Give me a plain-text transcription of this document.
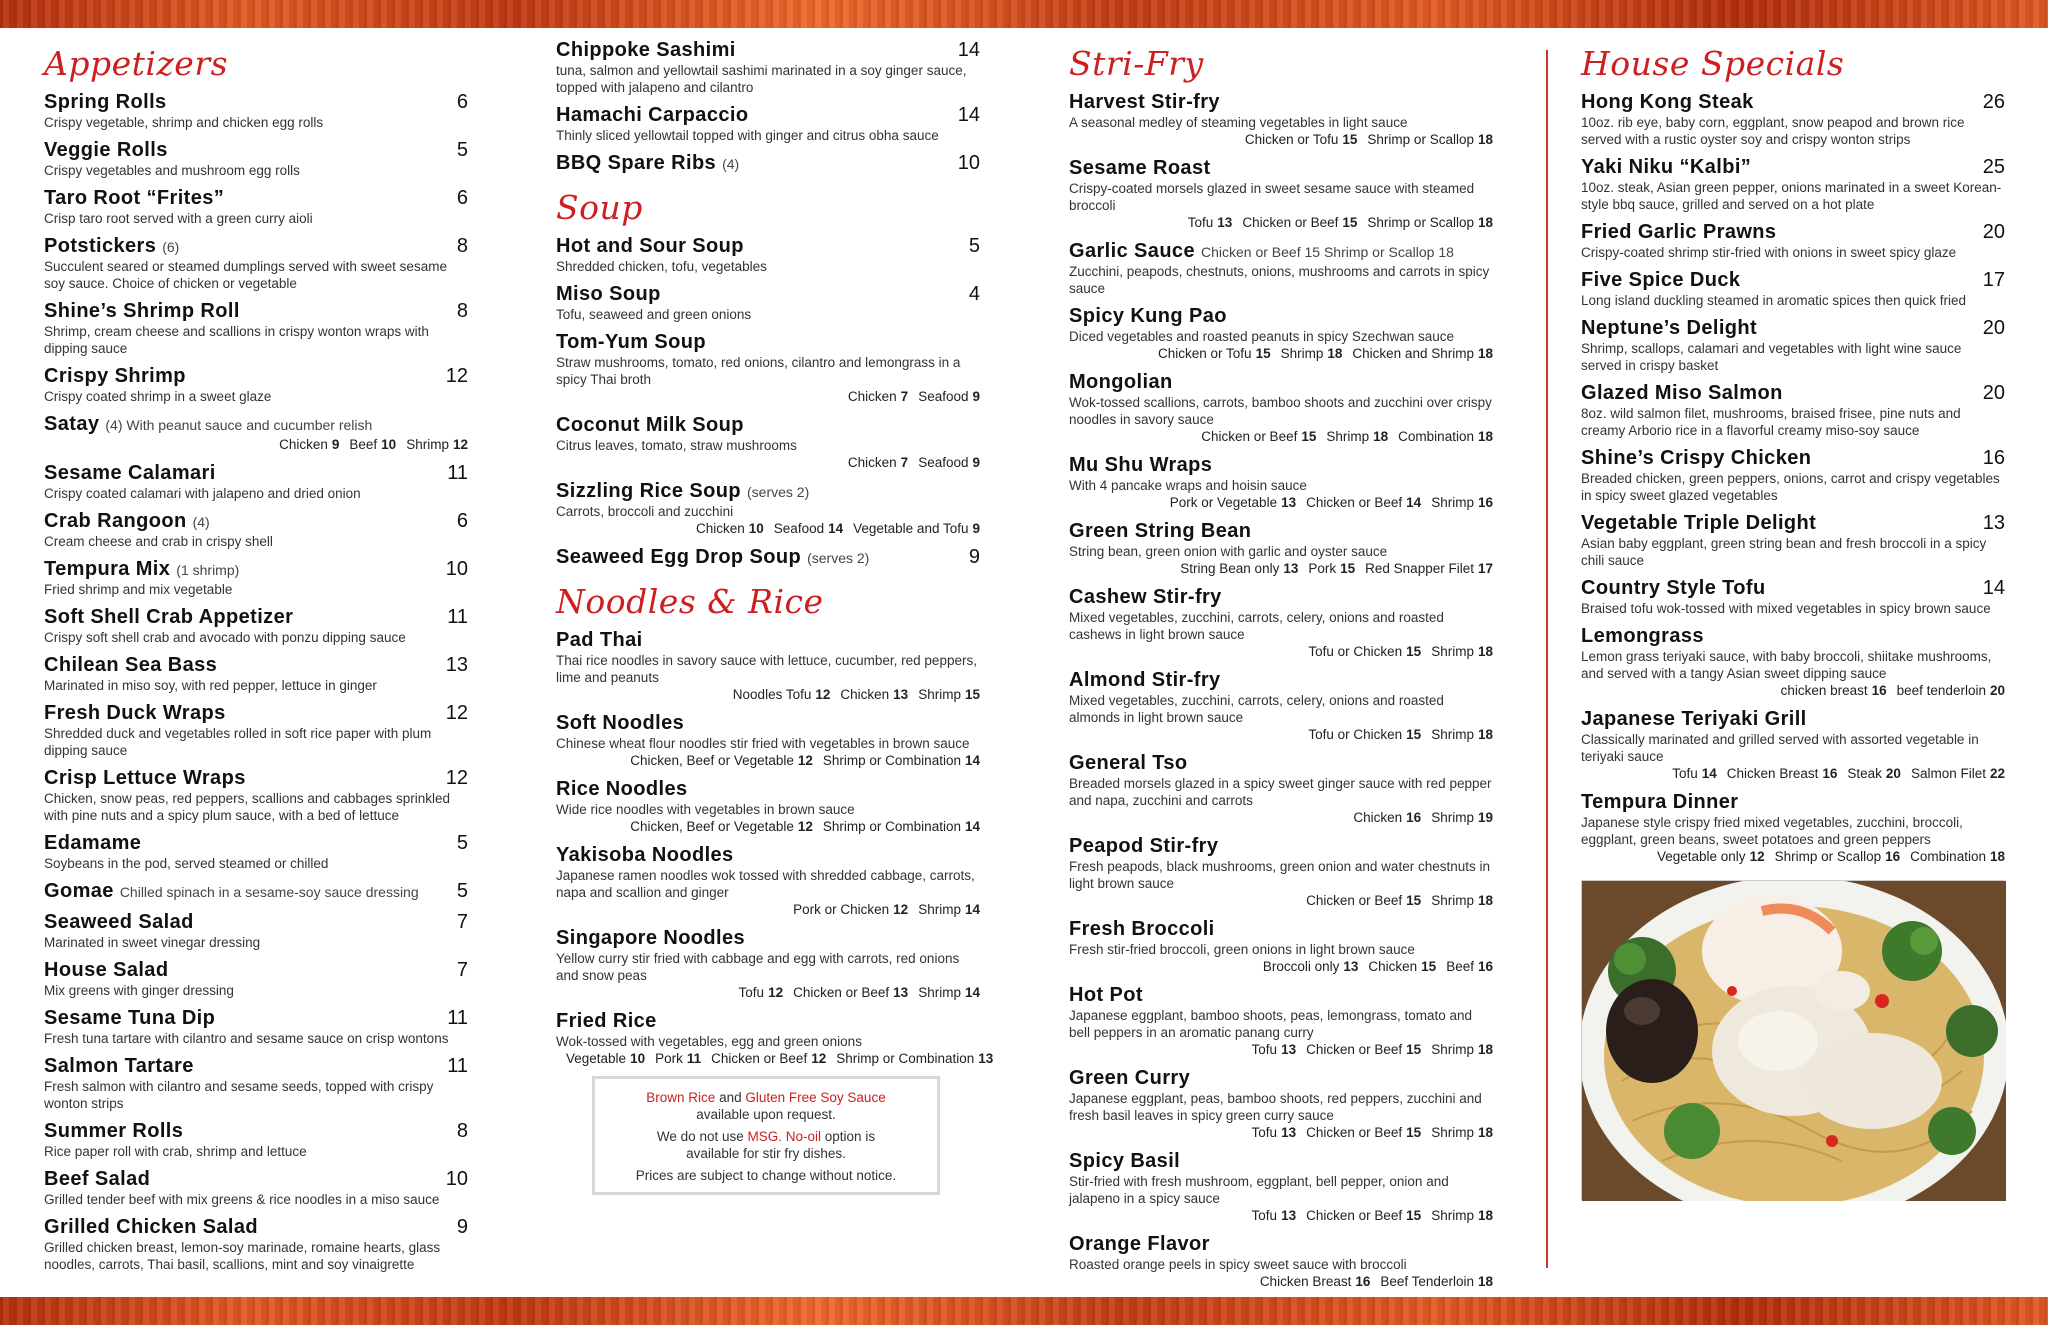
Appetizers
Spring Rolls	6
Crispy vegetable, shrimp and chicken egg rolls
Veggie Rolls	5
Crispy vegetables and mushroom egg rolls
Taro Root “Frites”	6
Crisp taro root served with a green curry aioli
Potstickers (6)	8
Succulent seared or steamed dumplings served with sweet sesame soy sauce. Choice of chicken or vegetable
Shine’s Shrimp Roll	8
Shrimp, cream cheese and scallions in crispy wonton wraps with dipping sauce
Crispy Shrimp	12
Crispy coated shrimp in a sweet glaze
Satay (4) With peanut sauce and cucumber relish
Chicken 9 Beef 10 Shrimp 12
Sesame Calamari	11
Crispy coated calamari with jalapeno and dried onion
Crab Rangoon (4)	6
Cream cheese and crab in crispy shell
Tempura Mix (1 shrimp)	10
Fried shrimp and mix vegetable
Soft Shell Crab Appetizer	11
Crispy soft shell crab and avocado with ponzu dipping sauce
Chilean Sea Bass	13
Marinated in miso soy, with red pepper, lettuce in ginger
Fresh Duck Wraps	12
Shredded duck and vegetables rolled in soft rice paper with plum dipping sauce
Crisp Lettuce Wraps	12
Chicken, snow peas, red peppers, scallions and cabbages sprinkled with pine nuts and a spicy plum sauce, with a bed of lettuce
Edamame	5
Soybeans in the pod, served steamed or chilled
Gomae Chilled spinach in a sesame-soy sauce dressing 5
Seaweed Salad	7
Marinated in sweet vinegar dressing
House Salad	7
Mix greens with ginger dressing
Sesame Tuna Dip	11
Fresh tuna tartare with cilantro and sesame sauce on crisp wontons
Salmon Tartare	11
Fresh salmon with cilantro and sesame seeds, topped with crispy wonton strips
Summer Rolls	8
Rice paper roll with crab, shrimp and lettuce
Beef Salad	10
Grilled tender beef with mix greens & rice noodles in a miso sauce
Grilled Chicken Salad	9
Grilled chicken breast, lemon-soy marinade, romaine hearts, glass noodles, carrots, Thai basil, scallions, mint and soy vinaigrette
Chippoke Sashimi	14
tuna, salmon and yellowtail sashimi marinated in a soy ginger sauce, topped with jalapeno and cilantro
Hamachi Carpaccio	14
Thinly sliced yellowtail topped with ginger and citrus obha sauce
BBQ Spare Ribs (4)	10
Soup
Hot and Sour Soup	5
Shredded chicken, tofu, vegetables
Miso Soup	4
Tofu, seaweed and green onions
Tom-Yum Soup
Straw mushrooms, tomato, red onions, cilantro and lemongrass in a spicy Thai broth
Chicken 7 Seafood 9
Coconut Milk Soup
Citrus leaves, tomato, straw mushrooms
Chicken 7 Seafood 9
Sizzling Rice Soup (serves 2)
Carrots, broccoli and zucchini
Chicken 10 Seafood 14 Vegetable and Tofu 9
Seaweed Egg Drop Soup (serves 2)	9
Noodles & Rice
Pad Thai
Thai rice noodles in savory sauce with lettuce, cucumber, red peppers, lime and peanuts
Noodles Tofu 12 Chicken 13 Shrimp 15
Soft Noodles
Chinese wheat flour noodles stir fried with vegetables in brown sauce
Chicken, Beef or Vegetable 12 Shrimp or Combination 14
Rice Noodles
Wide rice noodles with vegetables in brown sauce
Chicken, Beef or Vegetable 12 Shrimp or Combination 14
Yakisoba Noodles
Japanese ramen noodles wok tossed with shredded cabbage, carrots, napa and scallion and ginger
Pork or Chicken 12 Shrimp 14
Singapore Noodles
Yellow curry stir fried with cabbage and egg with carrots, red onions and snow peas
Tofu 12 Chicken or Beef 13 Shrimp 14
Fried Rice
Wok-tossed with vegetables, egg and green onions
Vegetable 10 Pork 11 Chicken or Beef 12 Shrimp or Combination 13
Brown Rice and Gluten Free Soy Sauce
available upon request.
We do not use MSG. No-oil option is
available for stir fry dishes.
Prices are subject to change without notice.
Stri-Fry
Harvest Stir-fry
A seasonal medley of steaming vegetables in light sauce
Chicken or Tofu 15 Shrimp or Scallop 18
Sesame Roast
Crispy-coated morsels glazed in sweet sesame sauce with steamed broccoli
Tofu 13 Chicken or Beef 15 Shrimp or Scallop 18
Garlic Sauce Chicken or Beef 15 Shrimp or Scallop 18
Zucchini, peapods, chestnuts, onions, mushrooms and carrots in spicy sauce
Spicy Kung Pao
Diced vegetables and roasted peanuts in spicy Szechwan sauce
Chicken or Tofu 15 Shrimp 18 Chicken and Shrimp 18
Mongolian
Wok-tossed scallions, carrots, bamboo shoots and zucchini over crispy noodles in savory sauce
Chicken or Beef 15 Shrimp 18 Combination 18
Mu Shu Wraps
With 4 pancake wraps and hoisin sauce
Pork or Vegetable 13 Chicken or Beef 14 Shrimp 16
Green String Bean
String bean, green onion with garlic and oyster sauce
String Bean only 13 Pork 15 Red Snapper Filet 17
Cashew Stir-fry
Mixed vegetables, zucchini, carrots, celery, onions and roasted cashews in light brown sauce
Tofu or Chicken 15 Shrimp 18
Almond Stir-fry
Mixed vegetables, zucchini, carrots, celery, onions and roasted almonds in light brown sauce
Tofu or Chicken 15 Shrimp 18
General Tso
Breaded morsels glazed in a spicy sweet ginger sauce with red pepper and napa, zucchini and carrots
Chicken 16 Shrimp 19
Peapod Stir-fry
Fresh peapods, black mushrooms, green onion and water chestnuts in light brown sauce
Chicken or Beef 15 Shrimp 18
Fresh Broccoli
Fresh stir-fried broccoli, green onions in light brown sauce
Broccoli only 13 Chicken 15 Beef 16
Hot Pot
Japanese eggplant, bamboo shoots, peas, lemongrass, tomato and bell peppers in an aromatic panang curry
Tofu 13 Chicken or Beef 15 Shrimp 18
Green Curry
Japanese eggplant, peas, bamboo shoots, red peppers, zucchini and fresh basil leaves in spicy green curry sauce
Tofu 13 Chicken or Beef 15 Shrimp 18
Spicy Basil
Stir-fried with fresh mushroom, eggplant, bell pepper, onion and jalapeno in a spicy sauce
Tofu 13 Chicken or Beef 15 Shrimp 18
Orange Flavor
Roasted orange peels in spicy sweet sauce with broccoli
Chicken Breast 16 Beef Tenderloin 18
House Specials
Hong Kong Steak	26
10oz. rib eye, baby corn, eggplant, snow peapod and brown rice served with a rustic oyster soy and crispy wonton strips
Yaki Niku “Kalbi”	25
10oz. steak, Asian green pepper, onions marinated in a sweet Korean-style bbq sauce, grilled and served on a hot plate
Fried Garlic Prawns	20
Crispy-coated shrimp stir-fried with onions in sweet spicy glaze
Five Spice Duck	17
Long island duckling steamed in aromatic spices then quick fried
Neptune’s Delight	20
Shrimp, scallops, calamari and vegetables with light wine sauce served in crispy basket
Glazed Miso Salmon	20
8oz. wild salmon filet, mushrooms, braised frisee, pine nuts and creamy Arborio rice in a flavorful creamy miso-soy sauce
Shine’s Crispy Chicken	16
Breaded chicken, green peppers, onions, carrot and crispy vegetables in spicy sweet glazed vegetables
Vegetable Triple Delight	13
Asian baby eggplant, green string bean and fresh broccoli in a spicy chili sauce
Country Style Tofu	14
Braised tofu wok-tossed with mixed vegetables in spicy brown sauce
Lemongrass
Lemon grass teriyaki sauce, with baby broccoli, shiitake mushrooms, and served with a tangy Asian sweet dipping sauce
chicken breast 16 beef tenderloin 20
Japanese Teriyaki Grill
Classically marinated and grilled served with assorted vegetable in teriyaki sauce
Tofu 14 Chicken Breast 16 Steak 20 Salmon Filet 22
Tempura Dinner
Japanese style crispy fried mixed vegetables, zucchini, broccoli, eggplant, green beans, sweet potatoes and green peppers
Vegetable only 12 Shrimp or Scallop 16 Combination 18
